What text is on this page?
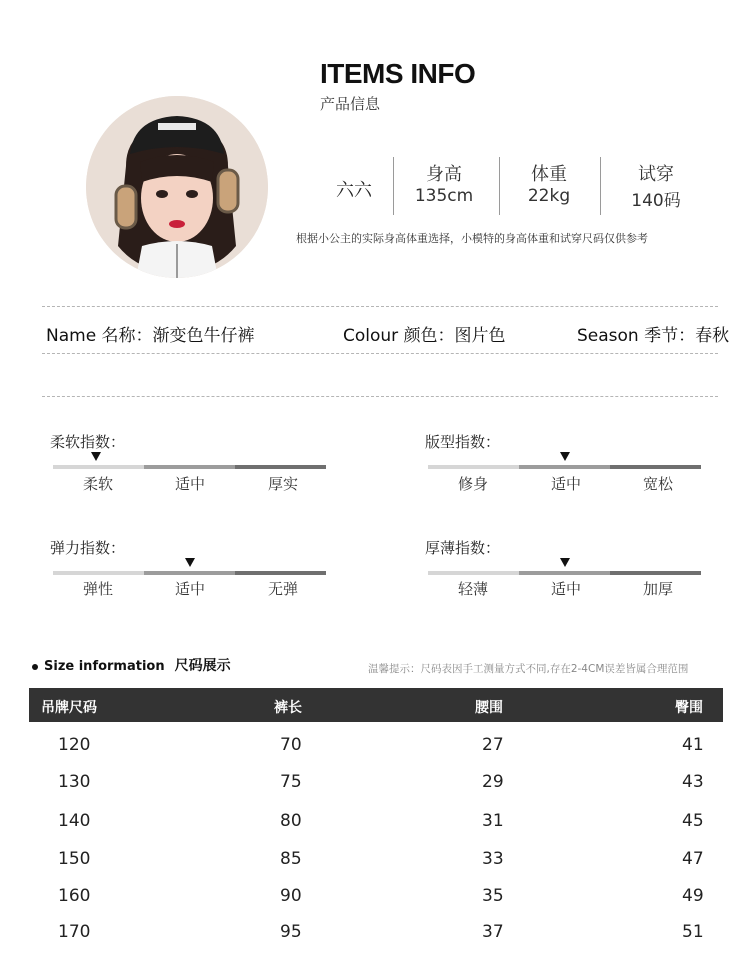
ITEMS INFO
产品信息
六六
身高
135cm
体重
22kg
试穿
140码
根据小公主的实际身高体重选择，小模特的身高体重和试穿尺码仅供参考
Name 名称：渐变色牛仔裤	Colour 颜色：图片色	Season 季节：春秋
柔软指数：
柔软	适中	厚实
版型指数：
修身	适中	宽松
弹力指数：
弹性	适中	无弹
厚薄指数：
轻薄	适中	加厚
Size information 尺码展示	温馨提示：尺码表因手工测量方式不同,存在2-4CM误差皆属合理范围
吊牌尺码	裤长	腰围	臀围
120	70	27	41
130	75	29	43
140	80	31	45
150	85	33	47
160	90	35	49
170	95	37	51
